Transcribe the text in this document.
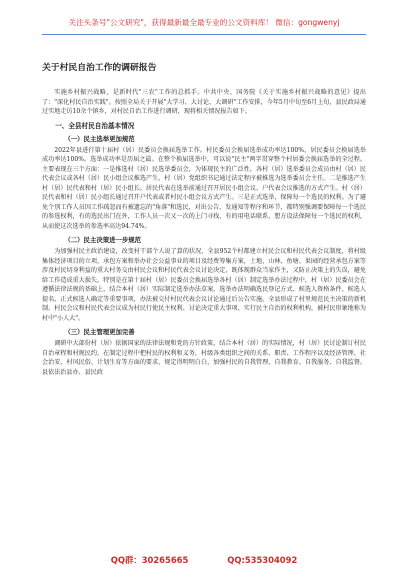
关注头条号"公文研究"，获得最新最全最专业的公文资料库！ 微信：gongwenyj
关于村民自治工作的调研报告

实施乡村振兴战略，是新时代"三农"工作的总抓手。中共中央、国务院《关于实施乡村振兴战略的意见》提出了："深化村民自治实践"。按照全局关于开展"大学习、大讨论、大调研"工作安排，今年5月中旬至6月上旬，县民政局通过实地走访10余个镇乡，对村民自治工作进行调研，现将相关情况报告如下。

一、全县村民自治基本情况
（一）民主选举更加规范

2022年县进行第十届村（居）民委员会换届选举工作。村民委员会换届选举成功率达100%，居民委员会换届选举成功率达100%。选举成功率是历届之最。在整个换届选举中，可以说"民主"两字贯穿整个村居委会换届选举的全过程。主要表现在三个方面：一是推选村（居）民选举委员会，为体现民主的广泛性，各村（居）选举委员会成员由村（居）民代表会议或各村（居）民小组会议推选产生，村（居）党组织书记通过法定程序被推选为选举委员会主任。二是推选产生村（居）民代表和村（居）民小组长。居民代表在选举前通过召开居民小组会议、户代表会议推选的方式产生。村（居）民代表和村（居）民小组长通过召开户代表或者村民小组会议方式产生。三是正式选举，保障每一个选民的权利。为了避免个别工作人员因工作疏忽而有被遗忘的"角落"和选民，对出公告、发通知等程序和环节，都特别强调要保障每一个选民的参选权利，有的选民出门在外，工作人员一次又一次的上门寻找，有的用电话联系，想方设法保障每一个选民的权利，从而使这次选举的参选率高达94.74%。

（二）民主决策进一步规范

为加强村民主政治建设，改变村干部个人说了算的状况，全县952个村都建立村民会议和村民代表会议制度，将村级集体经济项目的立项、承包方案和举办社会公益事业的项目及经费筹集方案，土地、山林、鱼塘、果园的经营承包方案等涉及村民切身利益的重大村务交由村民会议和村民代表会议讨论决定，既体现群众当家作主，又防止决策上的失误，避免给工作造成重大损失。特别是在第十届村（居）民委员会换届选举各村（居）制定选举办法过程中，村（居）民委员会在遵循法律法规的基础上，结合本村（居）实际制定选举办法草案，选举办法明确选民登记方式、候选人资格条件、候选人提名、正式候选人确定等重要事项，办法被交付村民代表会议讨论通过后公告实施。全县形成了村里规范民主决策的新机制。村民会议和村民代表会议成为村民行使民主权利、讨论决定重大事项、实行民主自治的权利机构，被村民形象地称为村中"小人大"。

（三）民主管理更加完善

调研中大部份村（居）依据国家的法律法规和党的方针政策，结合本村（居）的实际情况，村（居）民讨论制订村民自治章程和村规民约，在制定过程中把村民的权利和义务，村级各类组织之间的关系、职责、工作程序以及经济管理、社会治安、村风民俗、计划生育等方面的要求，规定得明明白白，加强村民的自我管理、自我教育、自我服务、自我监督。县依法治县办、县民政

QQ群：30265665	QQ:535304092
